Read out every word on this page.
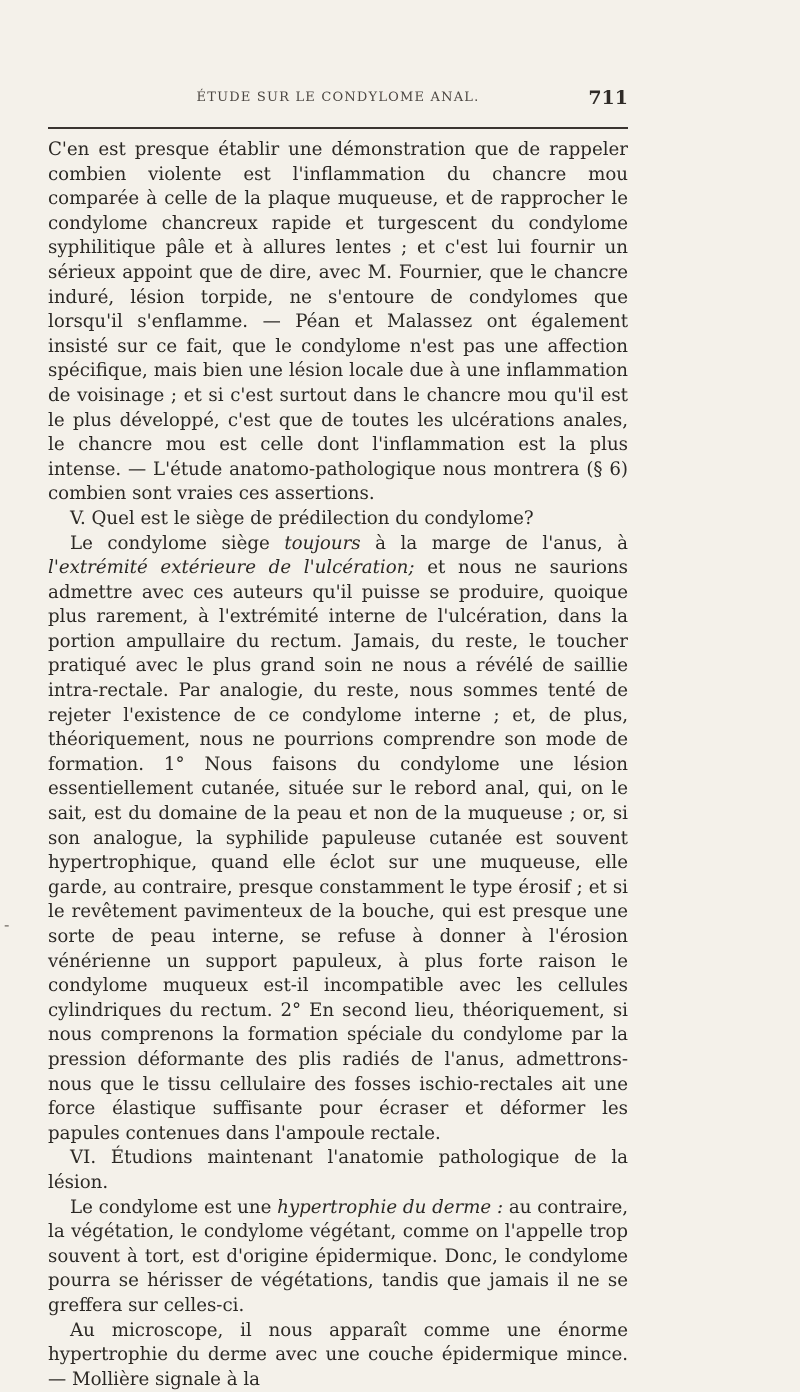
ÉTUDE SUR LE CONDYLOME ANAL.	711

C'en est presque établir une démonstration que de rappeler combien violente est l'inflammation du chancre mou comparée à celle de la plaque muqueuse, et de rapprocher le condylome chancreux rapide et turgescent du condylome syphilitique pâle et à allures lentes ; et c'est lui fournir un sérieux appoint que de dire, avec M. Fournier, que le chancre induré, lésion torpide, ne s'entoure de condylomes que lorsqu'il s'enflamme. — Péan et Malassez ont également insisté sur ce fait, que le condylome n'est pas une affection spécifique, mais bien une lésion locale due à une inflammation de voisinage ; et si c'est surtout dans le chancre mou qu'il est le plus développé, c'est que de toutes les ulcérations anales, le chancre mou est celle dont l'inflammation est la plus intense. — L'étude anatomo-pathologique nous montrera (§ 6) combien sont vraies ces assertions.

V. Quel est le siège de prédilection du condylome?

Le condylome siège toujours à la marge de l'anus, à l'extrémité extérieure de l'ulcération; et nous ne saurions admettre avec ces auteurs qu'il puisse se produire, quoique plus rarement, à l'extrémité interne de l'ulcération, dans la portion ampullaire du rectum. Jamais, du reste, le toucher pratiqué avec le plus grand soin ne nous a révélé de saillie intra-rectale. Par analogie, du reste, nous sommes tenté de rejeter l'existence de ce condylome interne ; et, de plus, théoriquement, nous ne pourrions comprendre son mode de formation. 1° Nous faisons du condylome une lésion essentiellement cutanée, située sur le rebord anal, qui, on le sait, est du domaine de la peau et non de la muqueuse ; or, si son analogue, la syphilide papuleuse cutanée est souvent hypertrophique, quand elle éclot sur une muqueuse, elle garde, au contraire, presque constamment le type érosif ; et si le revêtement pavimenteux de la bouche, qui est presque une sorte de peau interne, se refuse à donner à l'érosion vénérienne un support papuleux, à plus forte raison le condylome muqueux est-il incompatible avec les cellules cylindriques du rectum. 2° En second lieu, théoriquement, si nous comprenons la formation spéciale du condylome par la pression déformante des plis radiés de l'anus, admettrons-nous que le tissu cellulaire des fosses ischio-rectales ait une force élastique suffisante pour écraser et déformer les papules contenues dans l'ampoule rectale.

VI. Étudions maintenant l'anatomie pathologique de la lésion.

Le condylome est une hypertrophie du derme : au contraire, la végétation, le condylome végétant, comme on l'appelle trop souvent à tort, est d'origine épidermique. Donc, le condylome pourra se hérisser de végétations, tandis que jamais il ne se greffera sur celles-ci.

Au microscope, il nous apparaît comme une énorme hypertrophie du derme avec une couche épidermique mince. — Mollière signale à la

-
